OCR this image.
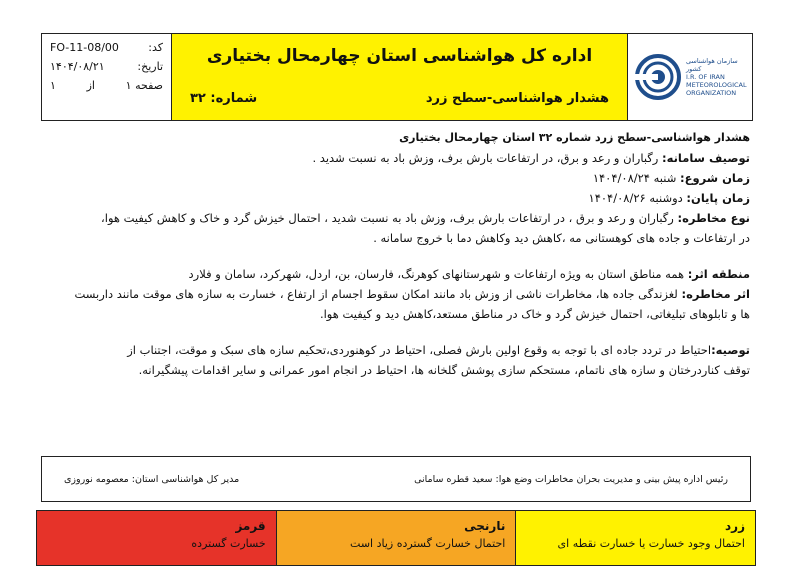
کد:
FO-11-08/00
تاریخ:
۱۴۰۴/۰۸/۲۱
صفحه ۱
از
۱
اداره کل هواشناسی استان چهارمحال بختیاری
هشدار هواشناسی-سطح زرد
شماره: ۳۲
سازمان هواشناسی کشور
I.R. OF IRAN
METEOROLOGICAL
ORGANIZATION
هشدار هواشناسی-سطح زرد شماره ۳۲ استان چهارمحال بختیاری
توصیف سامانه: رگباران و رعد و برق، در ارتفاعات بارش برف، وزش باد به نسبت شدید .
زمان شروع: شنبه ۱۴۰۴/۰۸/۲۴
زمان پایان: دوشنبه ۱۴۰۴/۰۸/۲۶
نوع مخاطره: رگباران و رعد و برق ، در ارتفاعات بارش برف، وزش باد به نسبت شدید ، احتمال خیزش گرد و خاک و کاهش کیفیت هوا،
در ارتفاعات و جاده های کوهستانی مه ،کاهش دید وکاهش دما با خروج سامانه .
منطقه اثر: همه مناطق استان به ویژه ارتفاعات و شهرستانهای کوهرنگ، فارسان، بن، اردل، شهرکرد، سامان و فلارد
اثر مخاطره: لغزندگی جاده ها، مخاطرات ناشی از وزش باد مانند امکان سقوط اجسام از ارتفاع ، خسارت به سازه های موقت مانند داربست
ها و تابلوهای تبلیغاتی، احتمال خیزش گرد و خاک در مناطق مستعد،کاهش دید و کیفیت هوا.
توصیه:احتیاط در تردد جاده ای با توجه به وقوع اولین بارش فصلی، احتیاط در کوهنوردی،تحکیم سازه های سبک و موقت، اجتناب از
توقف کناردرختان و سازه های ناتمام، مستحکم سازی پوشش گلخانه ها، احتیاط در انجام امور عمرانی و سایر اقدامات پیشگیرانه.
رئیس اداره پیش بینی و مدیریت بحران مخاطرات وضع هوا: سعید قطره سامانی
مدیر کل هواشناسی استان: معصومه نوروزی
زرد
احتمال وجود خسارت یا خسارت نقطه ای
نارنجی
احتمال خسارت گسترده زیاد است
قرمز
خسارت گسترده
